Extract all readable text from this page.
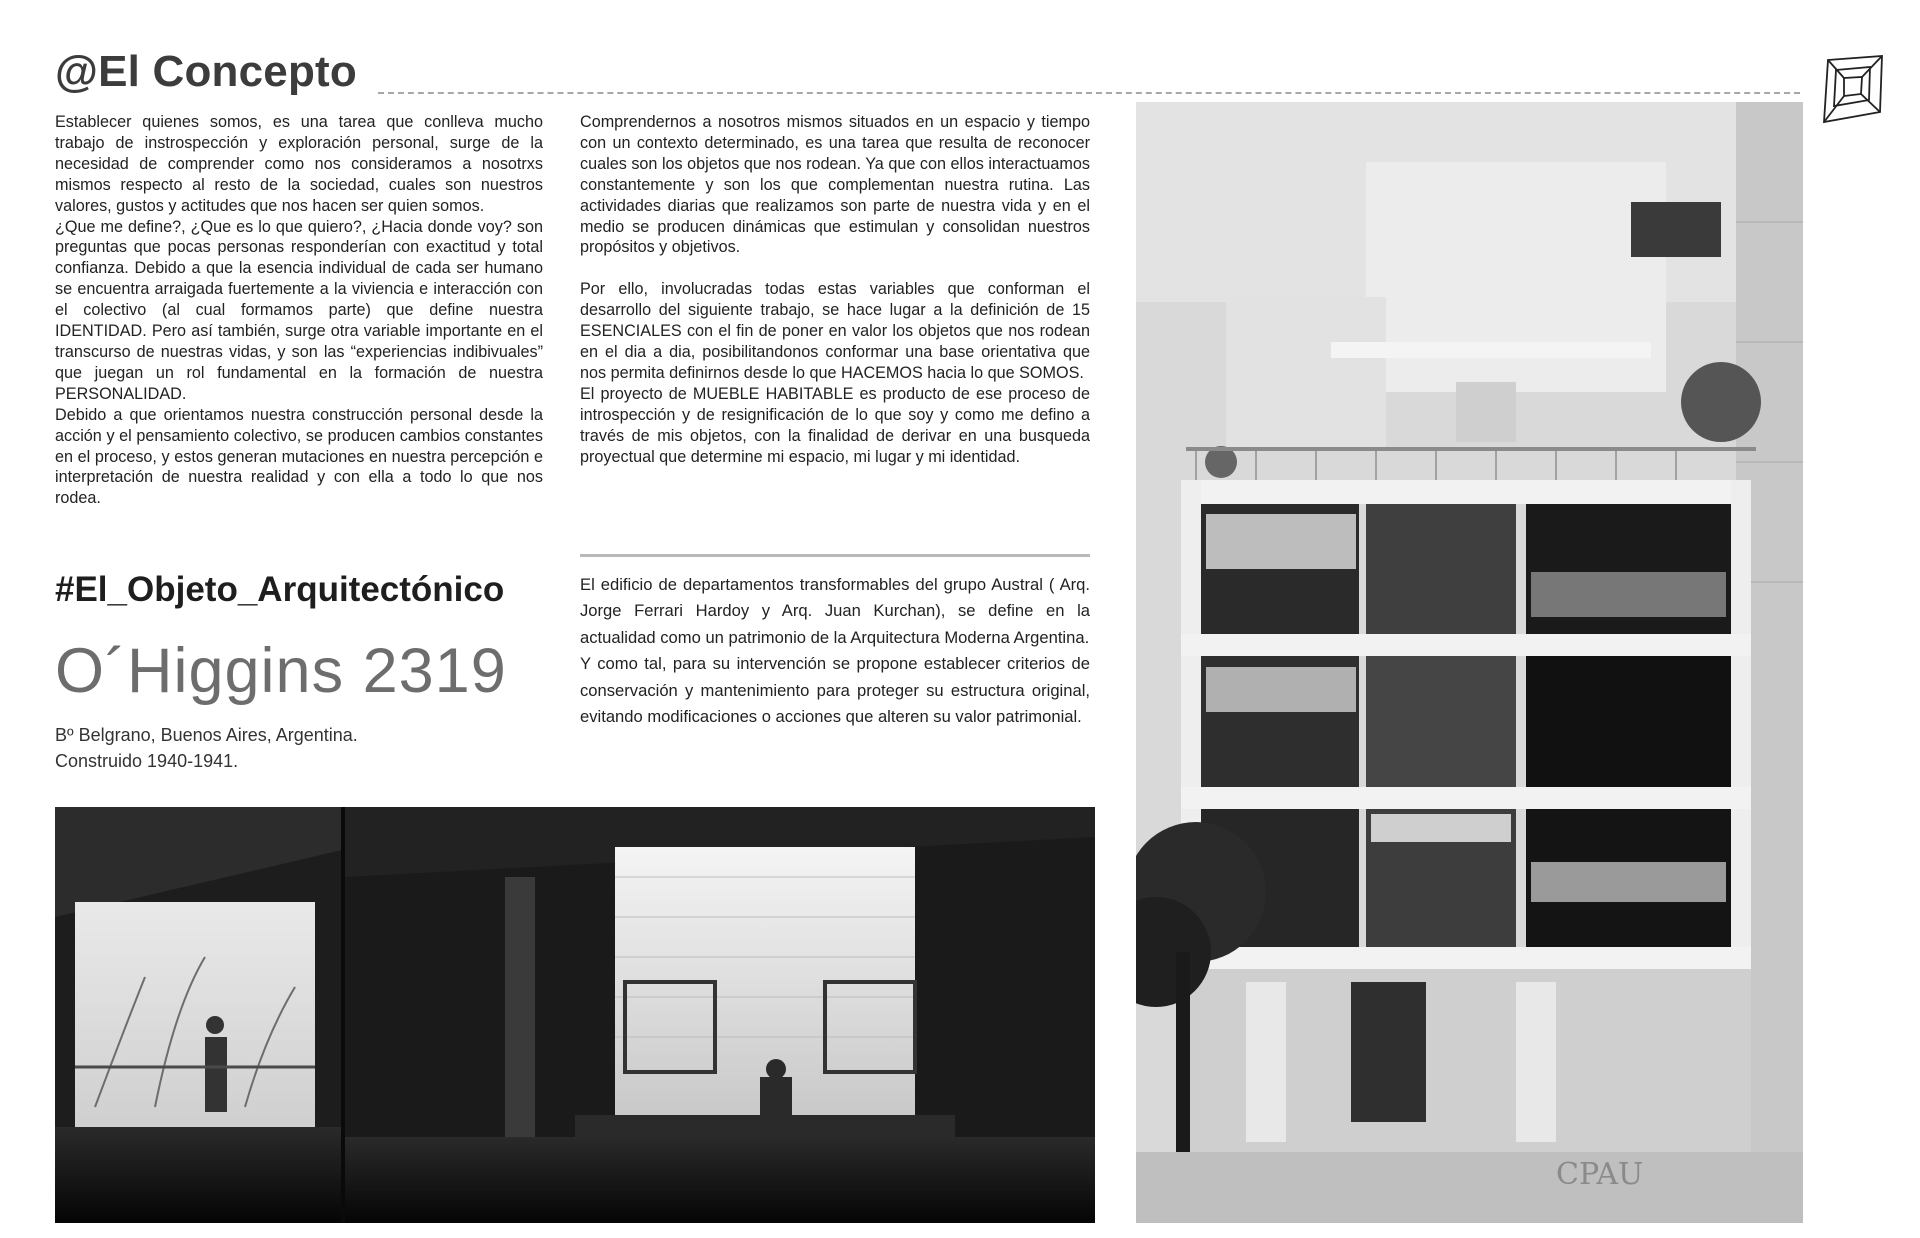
@El Concepto

Establecer quienes somos, es una tarea que conlleva mucho trabajo de instrospección y exploración personal, surge de la necesidad de comprender como nos consideramos a nosotrxs mismos respecto al resto de la sociedad, cuales son nuestros valores, gustos y actitudes que nos hacen ser quien somos.

¿Que me define?, ¿Que es lo que quiero?, ¿Hacia donde voy? son preguntas que pocas personas responderían con exactitud y total confianza. Debido a que la esencia individual de cada ser humano se encuentra arraigada fuertemente a la viviencia e interacción con el colectivo (al cual formamos parte) que define nuestra IDENTIDAD. Pero así también, surge otra variable importante en el transcurso de nuestras vidas, y son las “experiencias indibivuales” que juegan un rol fundamental en la formación de nuestra PERSONALIDAD.

Debido a que orientamos nuestra construcción personal desde la acción y el pensamiento colectivo, se producen cambios constantes en el proceso, y estos generan mutaciones en nuestra percepción e interpretación de nuestra realidad y con ella a todo lo que nos rodea.

Comprendernos a nosotros mismos situados en un espacio y tiempo con un contexto determinado, es una tarea que resulta de reconocer cuales son los objetos que nos rodean. Ya que con ellos interactuamos constantemente y son los que complementan nuestra rutina. Las actividades diarias que realizamos son parte de nuestra vida y en el medio se producen dinámicas que estimulan y consolidan nuestros propósitos y objetivos.

Por ello, involucradas todas estas variables que conforman el desarrollo del siguiente trabajo, se hace lugar a la definición de 15 ESENCIALES con el fin de poner en valor los objetos que nos rodean en el dia a dia, posibilitandonos conformar una base orientativa que nos permita definirnos desde lo que HACEMOS hacia lo que SOMOS.

El proyecto de MUEBLE HABITABLE es producto de ese proceso de introspección y de resignificación de lo que soy y como me defino a través de mis objetos, con la finalidad de derivar en una busqueda proyectual que determine mi espacio, mi lugar y mi identidad.

#El_Objeto_Arquitectónico
O´Higgins 2319
Bº Belgrano, Buenos Aires, Argentina.
Construido 1940-1941.

El edificio de departamentos transformables del grupo Austral ( Arq. Jorge Ferrari Hardoy y Arq. Juan Kurchan), se define en la actualidad como un patrimonio de la Arquitectura Moderna Argentina.

Y como tal, para su intervención se propone establecer criterios de conservación y mantenimiento para proteger su estructura original, evitando modificaciones o acciones que alteren su valor patrimonial.

CPAU
